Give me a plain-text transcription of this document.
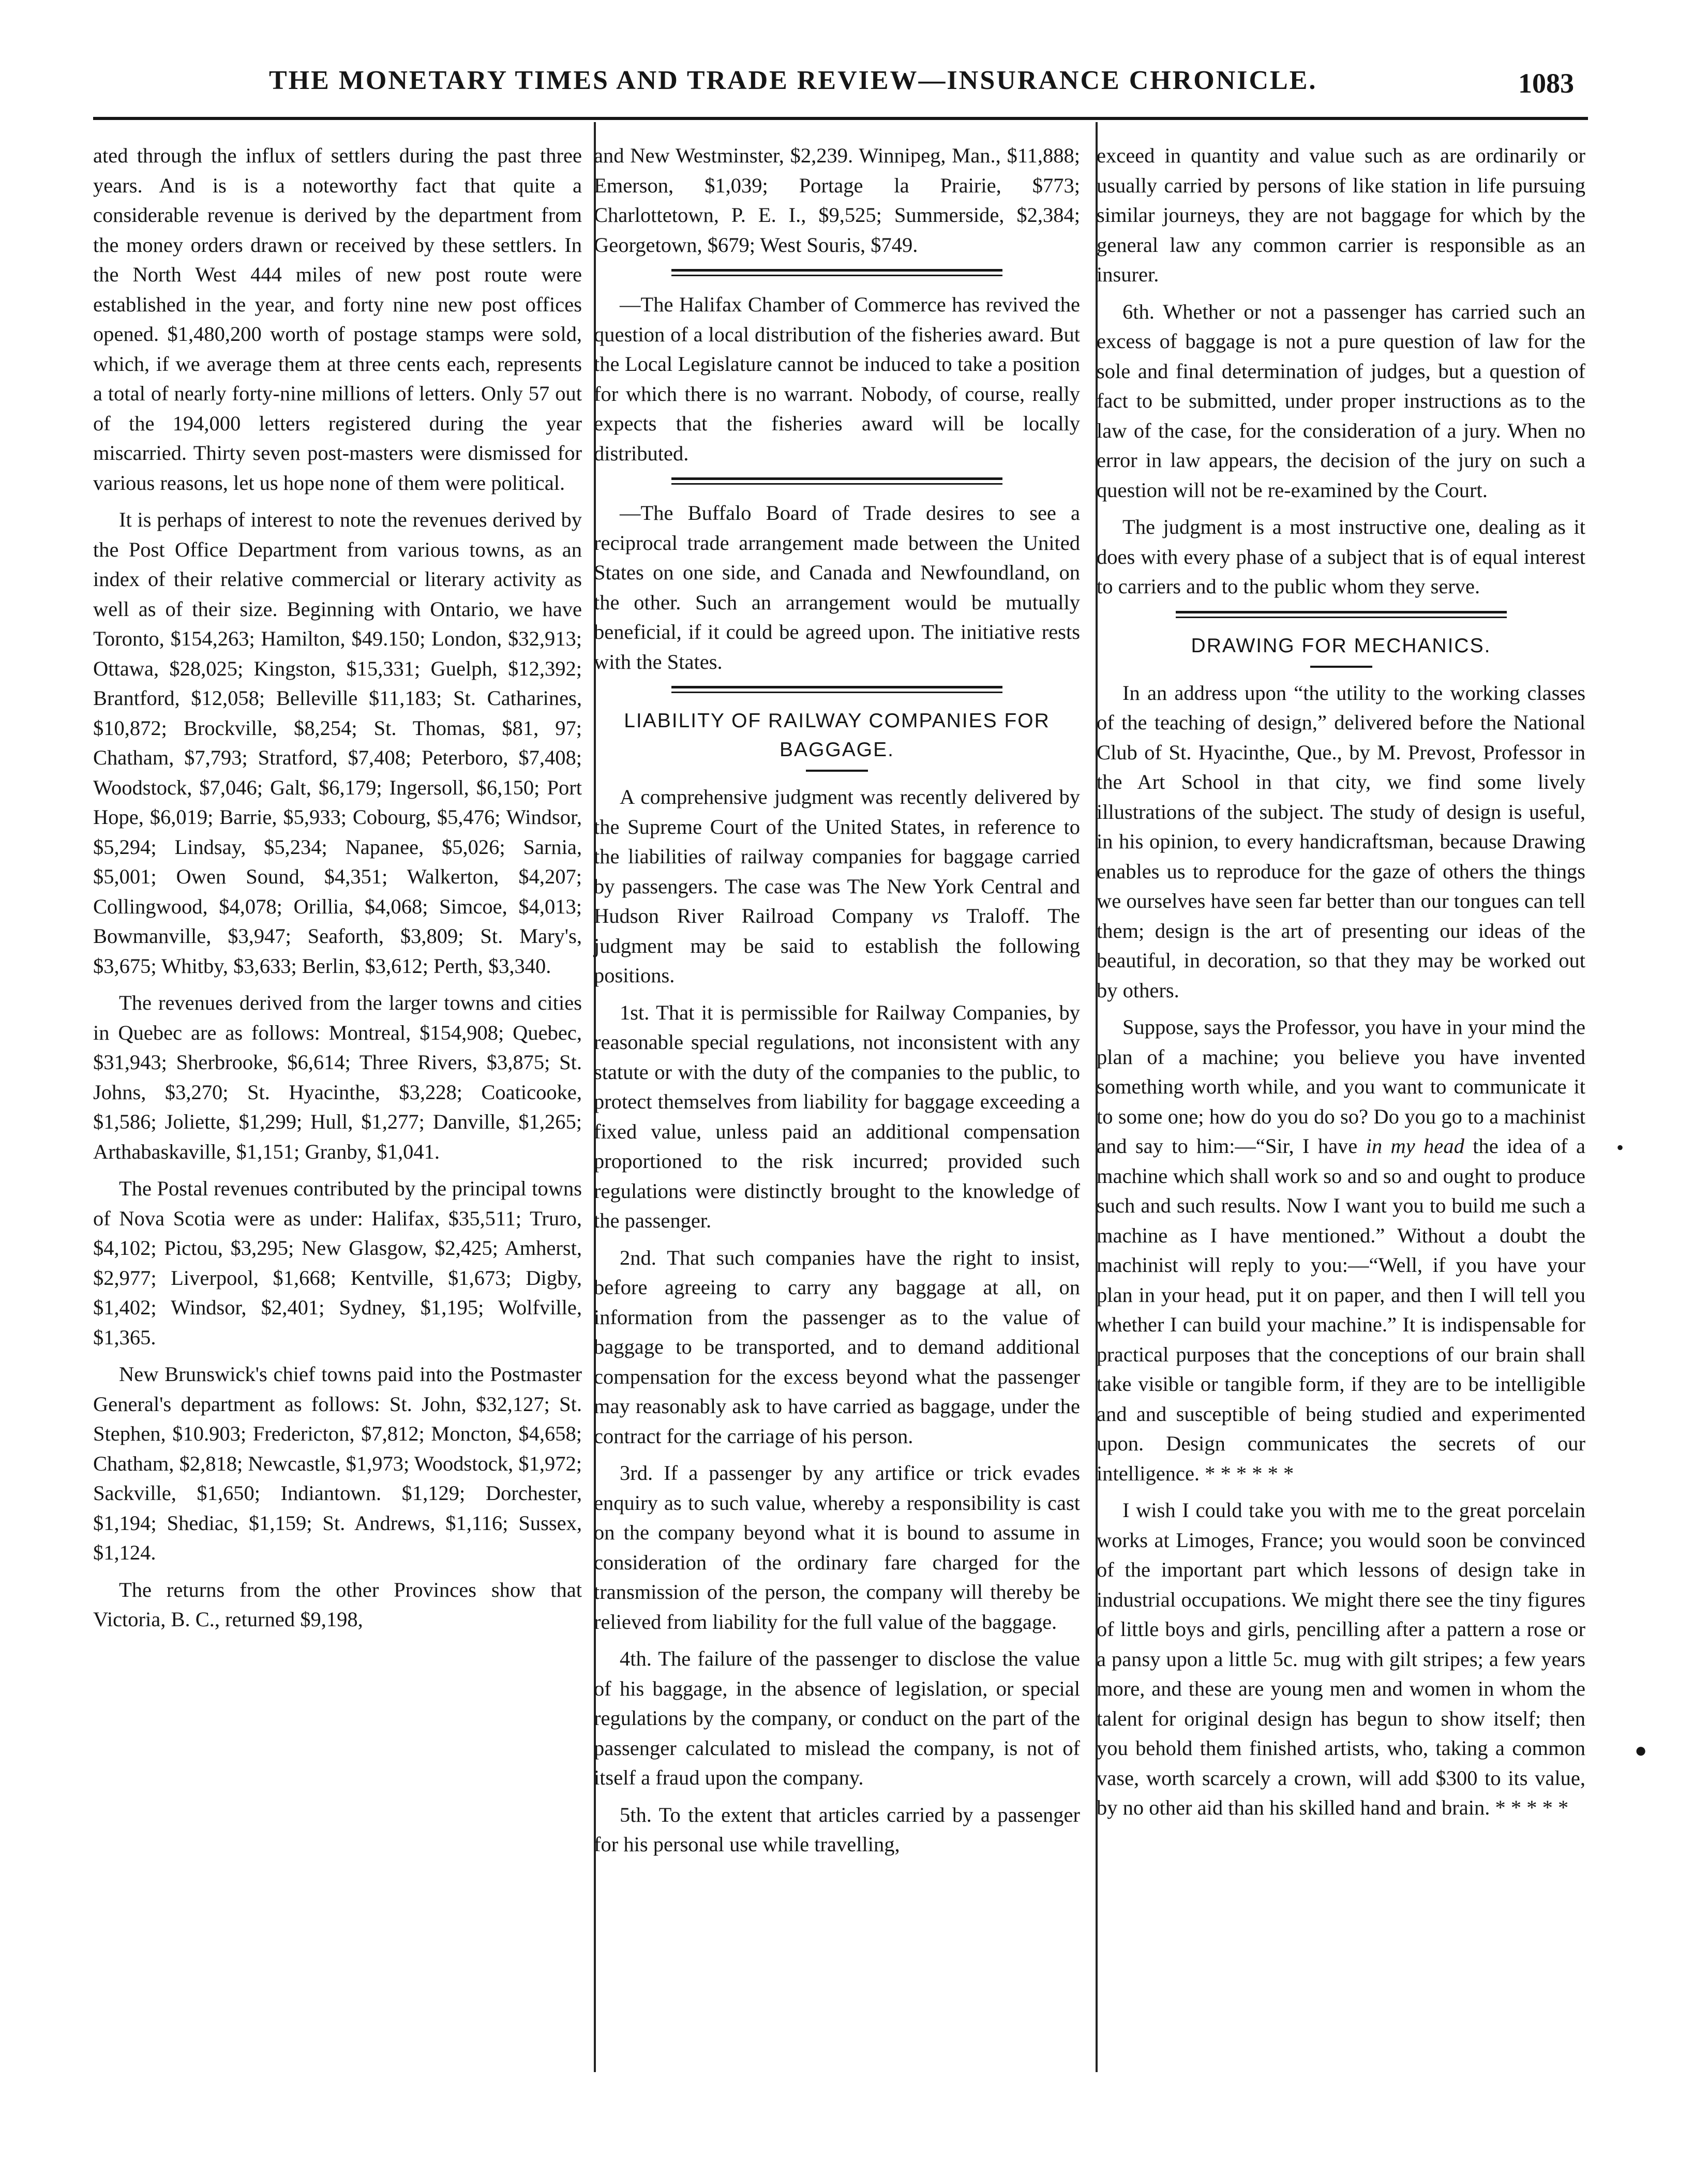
THE MONETARY TIMES AND TRADE REVIEW—INSURANCE CHRONICLE.	1083

ated through the influx of settlers during the past three years. And is is a noteworthy fact that quite a considerable revenue is derived by the department from the money orders drawn or received by these settlers. In the North West 444 miles of new post route were established in the year, and forty nine new post offices opened. $1,480,200 worth of postage stamps were sold, which, if we average them at three cents each, represents a total of nearly forty-nine millions of letters. Only 57 out of the 194,000 letters registered during the year miscarried. Thirty seven post-masters were dismissed for various reasons, let us hope none of them were political.

It is perhaps of interest to note the revenues derived by the Post Office Department from various towns, as an index of their relative commercial or literary activity as well as of their size. Beginning with Ontario, we have Toronto, $154,263; Hamilton, $49.150; London, $32,913; Ottawa, $28,025; Kingston, $15,331; Guelph, $12,392; Brantford, $12,058; Belleville $11,183; St. Catharines, $10,872; Brockville, $8,254; St. Thomas, $81, 97; Chatham, $7,793; Stratford, $7,408; Peterboro, $7,408; Woodstock, $7,046; Galt, $6,179; Ingersoll, $6,150; Port Hope, $6,019; Barrie, $5,933; Cobourg, $5,476; Windsor, $5,294; Lindsay, $5,234; Napanee, $5,026; Sarnia, $5,001; Owen Sound, $4,351; Walkerton, $4,207; Collingwood, $4,078; Orillia, $4,068; Simcoe, $4,013; Bowmanville, $3,947; Seaforth, $3,809; St. Mary's, $3,675; Whitby, $3,633; Berlin, $3,612; Perth, $3,340.

The revenues derived from the larger towns and cities in Quebec are as follows: Montreal, $154,908; Quebec, $31,943; Sherbrooke, $6,614; Three Rivers, $3,875; St. Johns, $3,270; St. Hyacinthe, $3,228; Coaticooke, $1,586; Joliette, $1,299; Hull, $1,277; Danville, $1,265; Arthabaskaville, $1,151; Granby, $1,041.

The Postal revenues contributed by the principal towns of Nova Scotia were as under: Halifax, $35,511; Truro, $4,102; Pictou, $3,295; New Glasgow, $2,425; Amherst, $2,977; Liverpool, $1,668; Kentville, $1,673; Digby, $1,402; Windsor, $2,401; Sydney, $1,195; Wolfville, $1,365.

New Brunswick's chief towns paid into the Postmaster General's department as follows: St. John, $32,127; St. Stephen, $10.903; Fredericton, $7,812; Moncton, $4,658; Chatham, $2,818; Newcastle, $1,973; Woodstock, $1,972; Sackville, $1,650; Indiantown. $1,129; Dorchester, $1,194; Shediac, $1,159; St. Andrews, $1,116; Sussex, $1,124.

The returns from the other Provinces show that Victoria, B. C., returned $9,198,

and New Westminster, $2,239. Winnipeg, Man., $11,888; Emerson, $1,039; Portage la Prairie, $773; Charlottetown, P. E. I., $9,525; Summerside, $2,384; Georgetown, $679; West Souris, $749.

—The Halifax Chamber of Commerce has revived the question of a local distribution of the fisheries award. But the Local Legislature cannot be induced to take a position for which there is no warrant. Nobody, of course, really expects that the fisheries award will be locally distributed.

—The Buffalo Board of Trade desires to see a reciprocal trade arrangement made between the United States on one side, and Canada and Newfoundland, on the other. Such an arrangement would be mutually beneficial, if it could be agreed upon. The initiative rests with the States.

LIABILITY OF RAILWAY COMPANIES FOR BAGGAGE.

A comprehensive judgment was recently delivered by the Supreme Court of the United States, in reference to the liabilities of railway companies for baggage carried by passengers. The case was The New York Central and Hudson River Railroad Company vs Traloff. The judgment may be said to establish the following positions.

1st. That it is permissible for Railway Companies, by reasonable special regulations, not inconsistent with any statute or with the duty of the companies to the public, to protect themselves from liability for baggage exceeding a fixed value, unless paid an additional compensation proportioned to the risk incurred; provided such regulations were distinctly brought to the knowledge of the passenger.

2nd. That such companies have the right to insist, before agreeing to carry any baggage at all, on information from the passenger as to the value of baggage to be transported, and to demand additional compensation for the excess beyond what the passenger may reasonably ask to have carried as baggage, under the contract for the carriage of his person.

3rd. If a passenger by any artifice or trick evades enquiry as to such value, whereby a responsibility is cast on the company beyond what it is bound to assume in consideration of the ordinary fare charged for the transmission of the person, the company will thereby be relieved from liability for the full value of the baggage.

4th. The failure of the passenger to disclose the value of his baggage, in the absence of legislation, or special regulations by the company, or conduct on the part of the passenger calculated to mislead the company, is not of itself a fraud upon the company.

5th. To the extent that articles carried by a passenger for his personal use while travelling,

exceed in quantity and value such as are ordinarily or usually carried by persons of like station in life pursuing similar journeys, they are not baggage for which by the general law any common carrier is responsible as an insurer.

6th. Whether or not a passenger has carried such an excess of baggage is not a pure question of law for the sole and final determination of judges, but a question of fact to be submitted, under proper instructions as to the law of the case, for the consideration of a jury. When no error in law appears, the decision of the jury on such a question will not be re-examined by the Court.

The judgment is a most instructive one, dealing as it does with every phase of a subject that is of equal interest to carriers and to the public whom they serve.

DRAWING FOR MECHANICS.

In an address upon “the utility to the working classes of the teaching of design,” delivered before the National Club of St. Hyacinthe, Que., by M. Prevost, Professor in the Art School in that city, we find some lively illustrations of the subject. The study of design is useful, in his opinion, to every handicraftsman, because Drawing enables us to reproduce for the gaze of others the things we ourselves have seen far better than our tongues can tell them; design is the art of presenting our ideas of the beautiful, in decoration, so that they may be worked out by others.

Suppose, says the Professor, you have in your mind the plan of a machine; you believe you have invented something worth while, and you want to communicate it to some one; how do you do so? Do you go to a machinist and say to him:—“Sir, I have in my head the idea of a machine which shall work so and so and ought to produce such and such results. Now I want you to build me such a machine as I have mentioned.” Without a doubt the machinist will reply to you:—“Well, if you have your plan in your head, put it on paper, and then I will tell you whether I can build your machine.” It is indispensable for practical purposes that the conceptions of our brain shall take visible or tangible form, if they are to be intelligible and and susceptible of being studied and experimented upon. Design communicates the secrets of our intelligence. * * * * * *

I wish I could take you with me to the great porcelain works at Limoges, France; you would soon be convinced of the important part which lessons of design take in industrial occupations. We might there see the tiny figures of little boys and girls, pencilling after a pattern a rose or a pansy upon a little 5c. mug with gilt stripes; a few years more, and these are young men and women in whom the talent for original design has begun to show itself; then you behold them finished artists, who, taking a common vase, worth scarcely a crown, will add $300 to its value, by no other aid than his skilled hand and brain. * * * * *

•
●
